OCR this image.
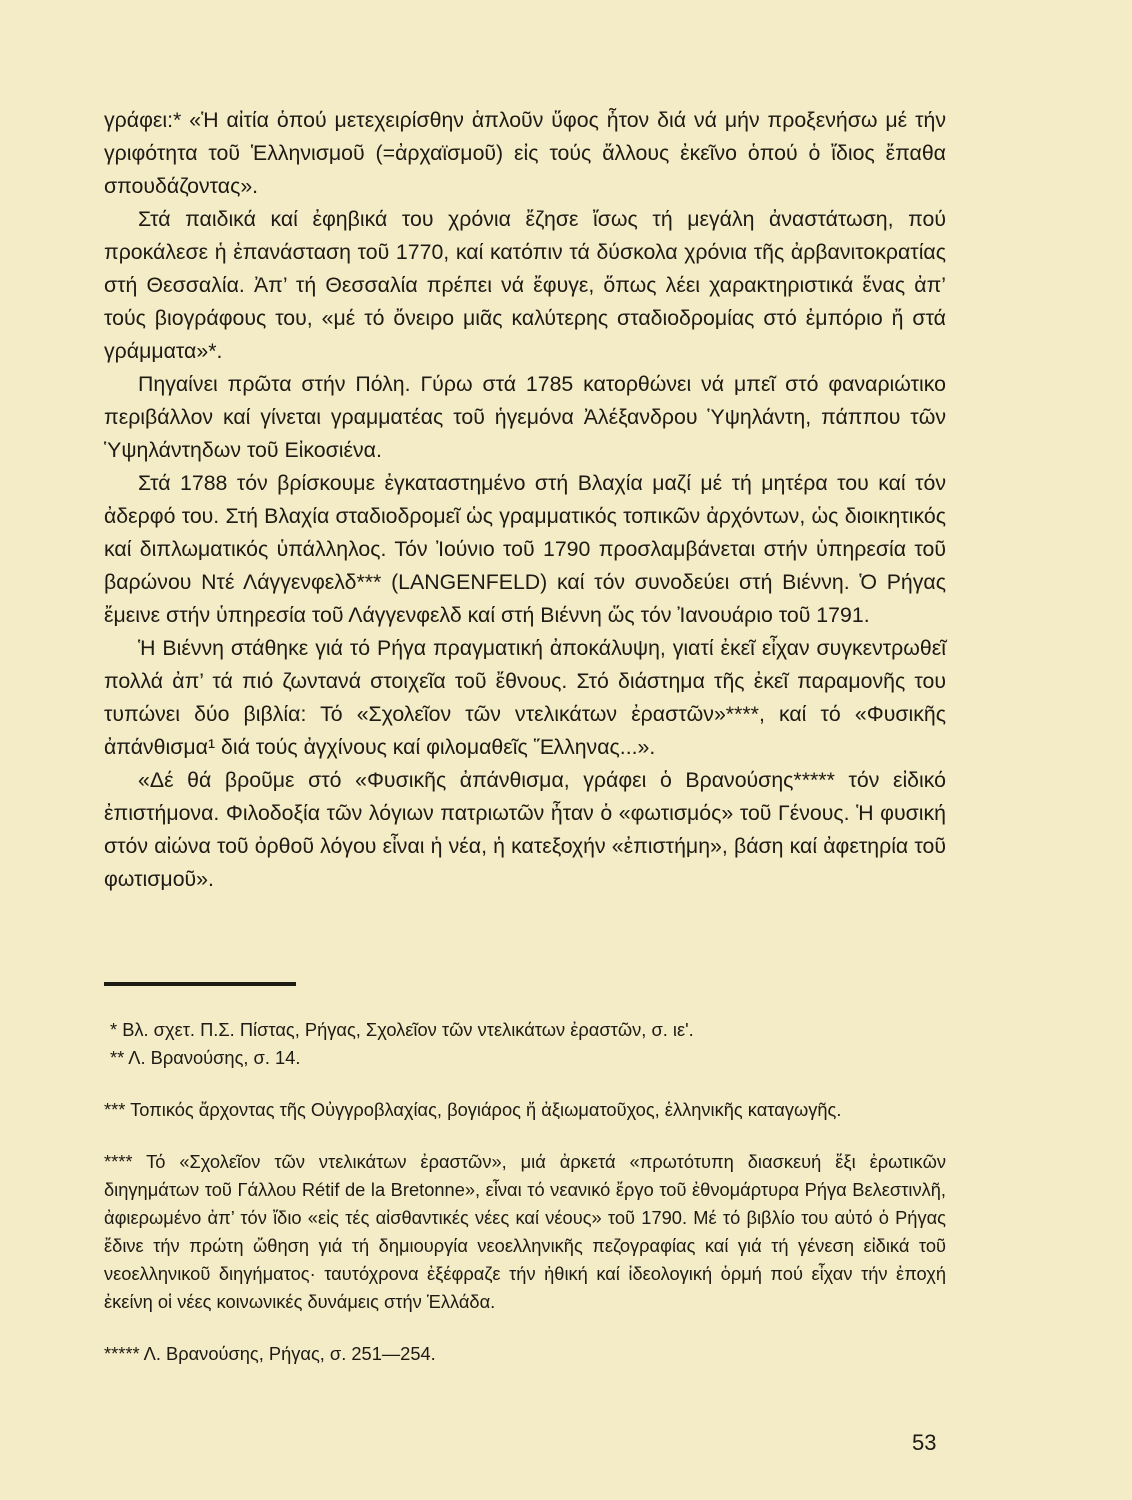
γράφει:* «Ἡ αἰτία ὁπού μετεχειρίσθην ἁπλοῦν ὕφος ἦτον διά νά μήν προξενήσω μέ τήν γριφότητα τοῦ Ἑλληνισμοῦ (=ἀρχαϊσμοῦ) εἰς τούς ἄλλους ἐκεῖνο ὁπού ὁ ἴδιος ἔπαθα σπουδάζοντας».

Στά παιδικά καί ἐφηβικά του χρόνια ἔζησε ἴσως τή μεγάλη ἀναστάτωση, πού προκάλεσε ἡ ἐπανάσταση τοῦ 1770, καί κατόπιν τά δύσκολα χρόνια τῆς ἀρβανιτοκρατίας στή Θεσσαλία. Ἀπ’ τή Θεσσαλία πρέπει νά ἔφυγε, ὅπως λέει χαρακτηριστικά ἕνας ἀπ’ τούς βιογράφους του, «μέ τό ὄνειρο μιᾶς καλύτερης σταδιοδρομίας στό ἐμπόριο ἤ στά γράμματα»*.

Πηγαίνει πρῶτα στήν Πόλη. Γύρω στά 1785 κατορθώνει νά μπεῖ στό φαναριώτικο περιβάλλον καί γίνεται γραμματέας τοῦ ἡγεμόνα Ἀλέξανδρου Ὑψηλάντη, πάππου τῶν Ὑψηλάντηδων τοῦ Εἰκοσιένα.

Στά 1788 τόν βρίσκουμε ἐγκαταστημένο στή Βλαχία μαζί μέ τή μητέρα του καί τόν ἀδερφό του. Στή Βλαχία σταδιοδρομεῖ ὡς γραμματικός τοπικῶν ἀρχόντων, ὡς διοικητικός καί διπλωματικός ὑπάλληλος. Τόν Ἰούνιο τοῦ 1790 προσλαμβάνεται στήν ὑπηρεσία τοῦ βαρώνου Ντέ Λάγγενφελδ*** (LANGENFELD) καί τόν συνοδεύει στή Βιέννη. Ὁ Ρήγας ἔμεινε στήν ὑπηρεσία τοῦ Λάγγενφελδ καί στή Βιέννη ὥς τόν Ἰανουάριο τοῦ 1791.

Ἡ Βιέννη στάθηκε γιά τό Ρήγα πραγματική ἀποκάλυψη, γιατί ἐκεῖ εἶχαν συγκεντρωθεῖ πολλά ἀπ’ τά πιό ζωντανά στοιχεῖα τοῦ ἔθνους. Στό διάστημα τῆς ἐκεῖ παραμονῆς του τυπώνει δύο βιβλία: Τό «Σχολεῖον τῶν ντελικάτων ἐραστῶν»****, καί τό «Φυσικῆς ἀπάνθισμα¹ διά τούς ἀγχίνους καί φιλομαθεῖς Ἕλληνας...».

«Δέ θά βροῦμε στό «Φυσικῆς ἀπάνθισμα, γράφει ὁ Βρανούσης***** τόν εἰδικό ἐπιστήμονα. Φιλοδοξία τῶν λόγιων πατριωτῶν ἦταν ὁ «φωτισμός» τοῦ Γένους. Ἡ φυσική στόν αἰώνα τοῦ ὀρθοῦ λόγου εἶναι ἡ νέα, ἡ κατεξοχήν «ἐπιστήμη», βάση καί ἀφετηρία τοῦ φωτισμοῦ».

* Βλ. σχετ. Π.Σ. Πίστας, Ρήγας, Σχολεῖον τῶν ντελικάτων ἐραστῶν, σ. ιε'.

** Λ. Βρανούσης, σ. 14.

*** Τοπικός ἄρχοντας τῆς Οὐγγροβλαχίας, βογιάρος ἤ ἀξιωματοῦχος, ἑλληνικῆς καταγωγῆς.

**** Τό «Σχολεῖον τῶν ντελικάτων ἐραστῶν», μιά ἀρκετά «πρωτότυπη διασκευή ἕξι ἐρωτικῶν διηγημάτων τοῦ Γάλλου Rétif de la Bretonne», εἶναι τό νεανικό ἔργο τοῦ ἐθνομάρτυρα Ρήγα Βελεστινλῆ, ἀφιερωμένο ἀπ’ τόν ἴδιο «εἰς τές αἰσθαντικές νέες καί νέους» τοῦ 1790. Μέ τό βιβλίο του αὐτό ὁ Ρήγας ἔδινε τήν πρώτη ὤθηση γιά τή δημιουργία νεοελληνικῆς πεζογραφίας καί γιά τή γένεση εἰδικά τοῦ νεοελληνικοῦ διηγήματος· ταυτόχρονα ἐξέφραζε τήν ἠθική καί ἰδεολογική ὁρμή πού εἶχαν τήν ἐποχή ἐκείνη οἱ νέες κοινωνικές δυνάμεις στήν Ἑλλάδα.

***** Λ. Βρανούσης, Ρήγας, σ. 251—254.

53
